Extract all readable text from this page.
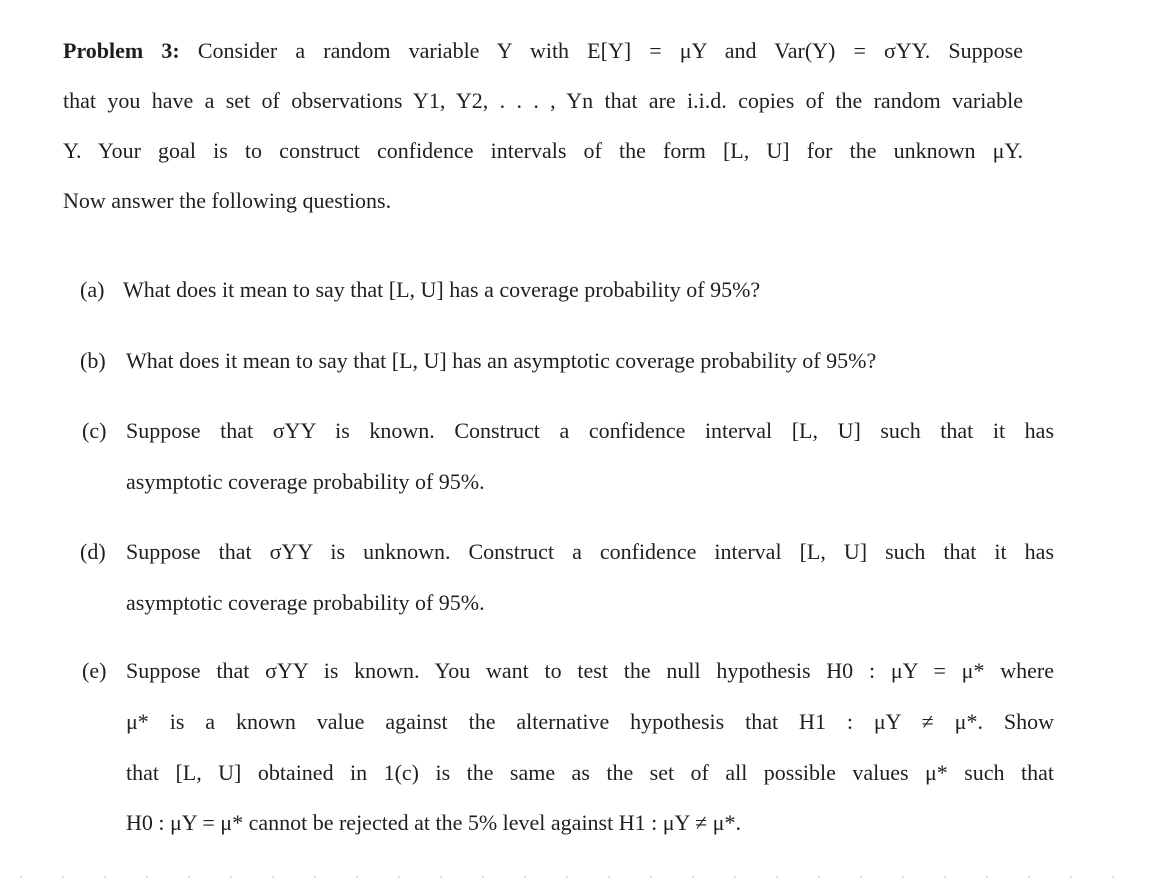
Problem 3: Consider a random variable Y with E[Y] = μY and Var(Y) = σYY. Suppose
that you have a set of observations Y1, Y2, . . . , Yn that are i.i.d. copies of the random variable
Y. Your goal is to construct confidence intervals of the form [L, U] for the unknown μY.
Now answer the following questions.
(a) What does it mean to say that [L, U] has a coverage probability of 95%?
(b) What does it mean to say that [L, U] has an asymptotic coverage probability of 95%?
(c) Suppose that σYY is known. Construct a confidence interval [L, U] such that it has
asymptotic coverage probability of 95%.
(d) Suppose that σYY is unknown. Construct a confidence interval [L, U] such that it has
asymptotic coverage probability of 95%.
(e) Suppose that σYY is known. You want to test the null hypothesis H0 : μY = μ* where
μ* is a known value against the alternative hypothesis that H1 : μY ≠ μ*. Show
that [L, U] obtained in 1(c) is the same as the set of all possible values μ* such that
H0 : μY = μ* cannot be rejected at the 5% level against H1 : μY ≠ μ*.
